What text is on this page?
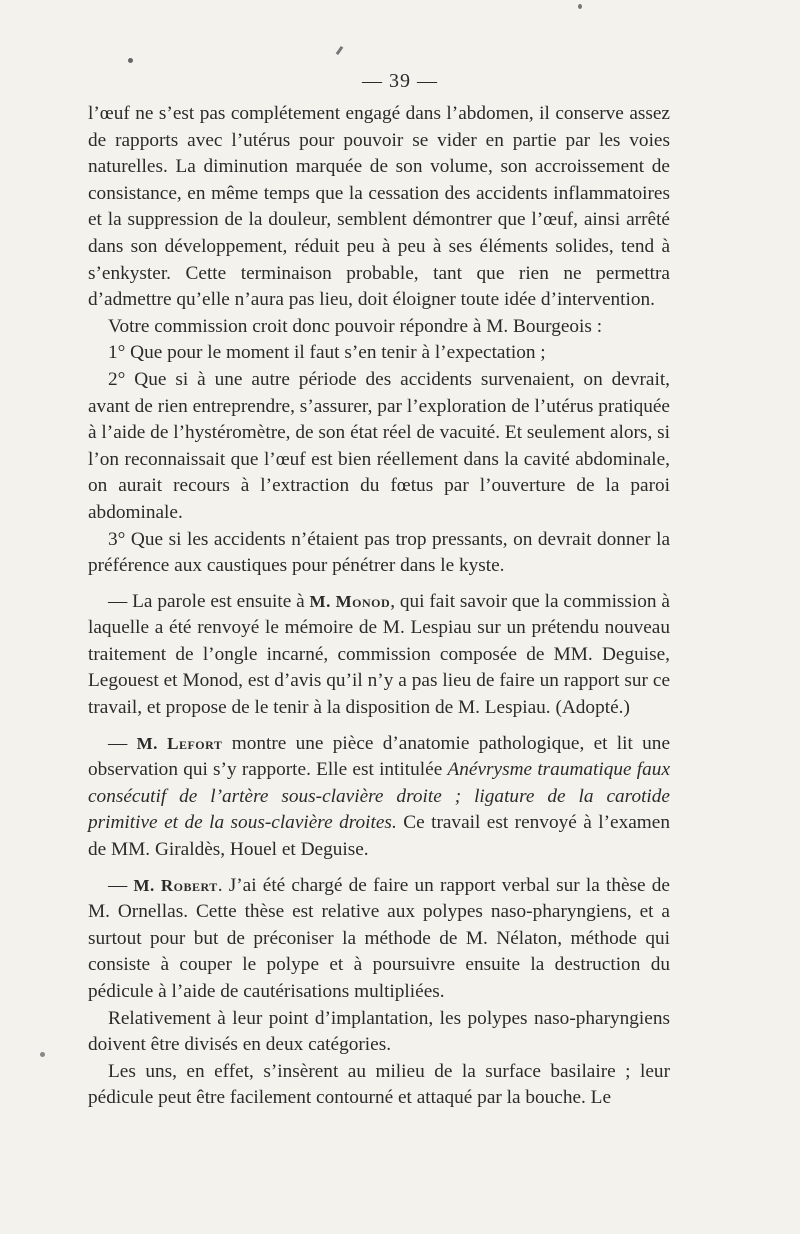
— 39 —

l’œuf ne s’est pas complétement engagé dans l’abdomen, il conserve assez de rapports avec l’utérus pour pouvoir se vider en partie par les voies naturelles. La diminution marquée de son volume, son accroissement de consistance, en même temps que la cessation des accidents inflammatoires et la suppression de la douleur, semblent démontrer que l’œuf, ainsi arrêté dans son développement, réduit peu à peu à ses éléments solides, tend à s’enkyster. Cette terminaison probable, tant que rien ne permettra d’admettre qu’elle n’aura pas lieu, doit éloigner toute idée d’intervention.

Votre commission croit donc pouvoir répondre à M. Bourgeois :

1° Que pour le moment il faut s’en tenir à l’expectation ;

2° Que si à une autre période des accidents survenaient, on devrait, avant de rien entreprendre, s’assurer, par l’exploration de l’utérus pratiquée à l’aide de l’hystéromètre, de son état réel de vacuité. Et seulement alors, si l’on reconnaissait que l’œuf est bien réellement dans la cavité abdominale, on aurait recours à l’extraction du fœtus par l’ouverture de la paroi abdominale.

3° Que si les accidents n’étaient pas trop pressants, on devrait donner la préférence aux caustiques pour pénétrer dans le kyste.

— La parole est ensuite à M. Monod, qui fait savoir que la commission à laquelle a été renvoyé le mémoire de M. Lespiau sur un prétendu nouveau traitement de l’ongle incarné, commission composée de MM. Deguise, Legouest et Monod, est d’avis qu’il n’y a pas lieu de faire un rapport sur ce travail, et propose de le tenir à la disposition de M. Lespiau. (Adopté.)

— M. Lefort montre une pièce d’anatomie pathologique, et lit une observation qui s’y rapporte. Elle est intitulée Anévrysme traumatique faux consécutif de l’artère sous-clavière droite ; ligature de la carotide primitive et de la sous-clavière droites. Ce travail est renvoyé à l’examen de MM. Giraldès, Houel et Deguise.

— M. Robert. J’ai été chargé de faire un rapport verbal sur la thèse de M. Ornellas. Cette thèse est relative aux polypes naso-pharyngiens, et a surtout pour but de préconiser la méthode de M. Nélaton, méthode qui consiste à couper le polype et à poursuivre ensuite la destruction du pédicule à l’aide de cautérisations multipliées.

Relativement à leur point d’implantation, les polypes naso-pharyngiens doivent être divisés en deux catégories.

Les uns, en effet, s’insèrent au milieu de la surface basilaire ; leur pédicule peut être facilement contourné et attaqué par la bouche. Le
